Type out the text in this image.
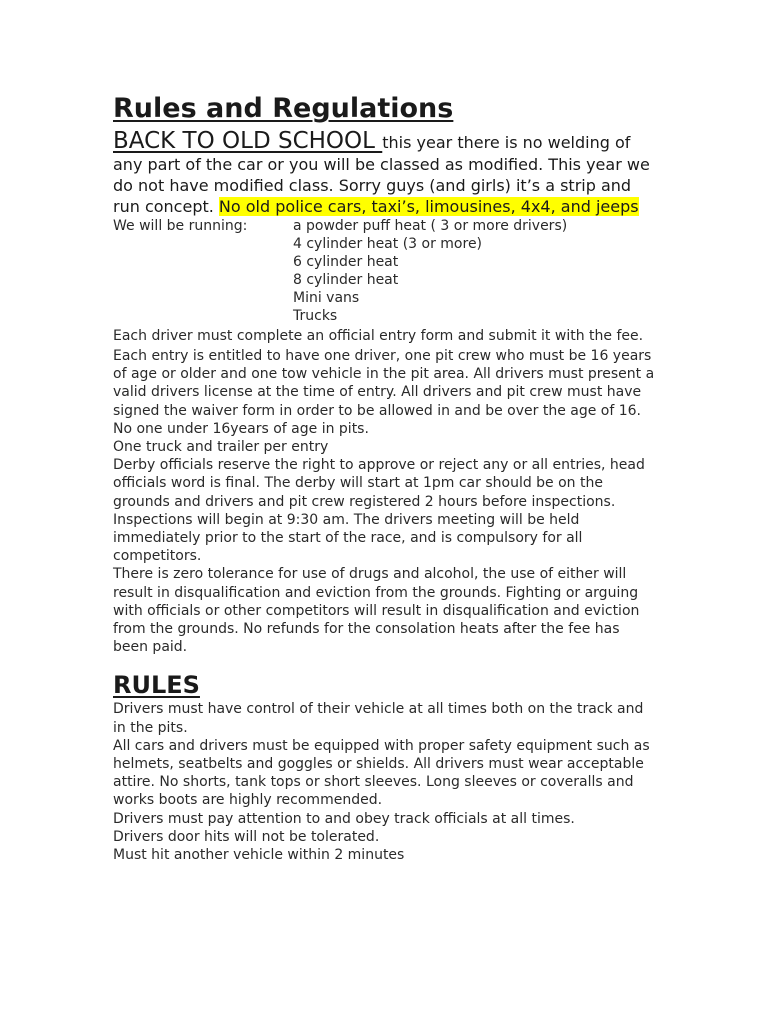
Rules and Regulations

BACK TO OLD SCHOOL this year there is no welding of any part of the car or you will be classed as modified. This year we do not have modified class. Sorry guys (and girls) it’s a strip and run concept. No old police cars, taxi’s, limousines, 4x4, and jeeps

We will be running:	a powder puff heat ( 3 or more drivers)
4 cylinder heat (3 or more)
6 cylinder heat
8 cylinder heat
Mini vans
Trucks

Each driver must complete an official entry form and submit it with the fee.

Each entry is entitled to have one driver, one pit crew who must be 16 years of age or older and one tow vehicle in the pit area. All drivers must present a valid drivers license at the time of entry. All drivers and pit crew must have signed the waiver form in order to be allowed in and be over the age of 16. No one under 16years of age in pits.

One truck and trailer per entry

Derby officials reserve the right to approve or reject any or all entries, head officials word is final. The derby will start at 1pm car should be on the grounds and drivers and pit crew registered 2 hours before inspections. Inspections will begin at 9:30 am. The drivers meeting will be held immediately prior to the start of the race, and is compulsory for all competitors.

There is zero tolerance for use of drugs and alcohol, the use of either will result in disqualification and eviction from the grounds. Fighting or arguing with officials or other competitors will result in disqualification and eviction from the grounds. No refunds for the consolation heats after the fee has been paid.

RULES

Drivers must have control of their vehicle at all times both on the track and in the pits.

All cars and drivers must be equipped with proper safety equipment such as helmets, seatbelts and goggles or shields. All drivers must wear acceptable attire. No shorts, tank tops or short sleeves. Long sleeves or coveralls and works boots are highly recommended.

Drivers must pay attention to and obey track officials at all times.

Drivers door hits will not be tolerated.

Must hit another vehicle within 2 minutes
